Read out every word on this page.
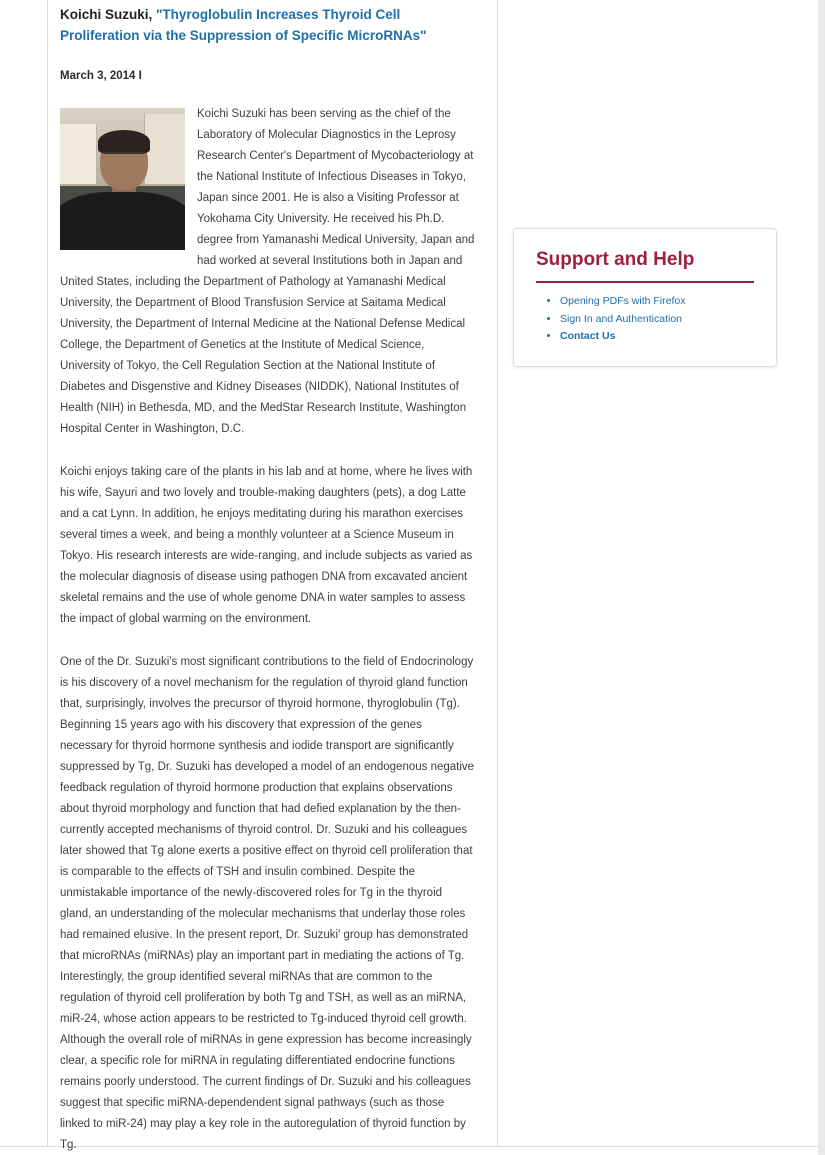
Koichi Suzuki, "Thyroglobulin Increases Thyroid Cell Proliferation via the Suppression of Specific MicroRNAs"
March 3, 2014 I
Koichi Suzuki has been serving as the chief of the Laboratory of Molecular Diagnostics in the Leprosy Research Center's Department of Mycobacteriology at the National Institute of Infectious Diseases in Tokyo, Japan since 2001. He is also a Visiting Professor at Yokohama City University. He received his Ph.D. degree from Yamanashi Medical University, Japan and had worked at several Institutions both in Japan and United States, including the Department of Pathology at Yamanashi Medical University, the Department of Blood Transfusion Service at Saitama Medical University, the Department of Internal Medicine at the National Defense Medical College, the Department of Genetics at the Institute of Medical Science, University of Tokyo, the Cell Regulation Section at the National Institute of Diabetes and Disgenstive and Kidney Diseases (NIDDK), National Institutes of Health (NIH) in Bethesda, MD, and the MedStar Research Institute, Washington Hospital Center in Washington, D.C.

Koichi enjoys taking care of the plants in his lab and at home, where he lives with his wife, Sayuri and two lovely and trouble-making daughters (pets), a dog Latte and a cat Lynn. In addition, he enjoys meditating during his marathon exercises several times a week, and being a monthly volunteer at a Science Museum in Tokyo. His research interests are wide-ranging, and include subjects as varied as the molecular diagnosis of disease using pathogen DNA from excavated ancient skeletal remains and the use of whole genome DNA in water samples to assess the impact of global warming on the environment.

One of the Dr. Suzuki's most significant contributions to the field of Endocrinology is his discovery of a novel mechanism for the regulation of thyroid gland function that, surprisingly, involves the precursor of thyroid hormone, thyroglobulin (Tg). Beginning 15 years ago with his discovery that expression of the genes necessary for thyroid hormone synthesis and iodide transport are significantly suppressed by Tg, Dr. Suzuki has developed a model of an endogenous negative feedback regulation of thyroid hormone production that explains observations about thyroid morphology and function that had defied explanation by the then-currently accepted mechanisms of thyroid control. Dr. Suzuki and his colleagues later showed that Tg alone exerts a positive effect on thyroid cell proliferation that is comparable to the effects of TSH and insulin combined. Despite the unmistakable importance of the newly-discovered roles for Tg in the thyroid gland, an understanding of the molecular mechanisms that underlay those roles had remained elusive. In the present report, Dr. Suzuki' group has demonstrated that microRNAs (miRNAs) play an important part in mediating the actions of Tg. Interestingly, the group identified several miRNAs that are common to the regulation of thyroid cell proliferation by both Tg and TSH, as well as an miRNA, miR-24, whose action appears to be restricted to Tg-induced thyroid cell growth. Although the overall role of miRNAs in gene expression has become increasingly clear, a specific role for miRNA in regulating differentiated endocrine functions remains poorly understood. The current findings of Dr. Suzuki and his colleagues suggest that specific miRNA-dependendent signal pathways (such as those linked to miR-24) may play a key role in the autoregulation of thyroid function by Tg.

Support and Help
• Opening PDFs with Firefox
• Sign In and Authentication
• Contact Us
